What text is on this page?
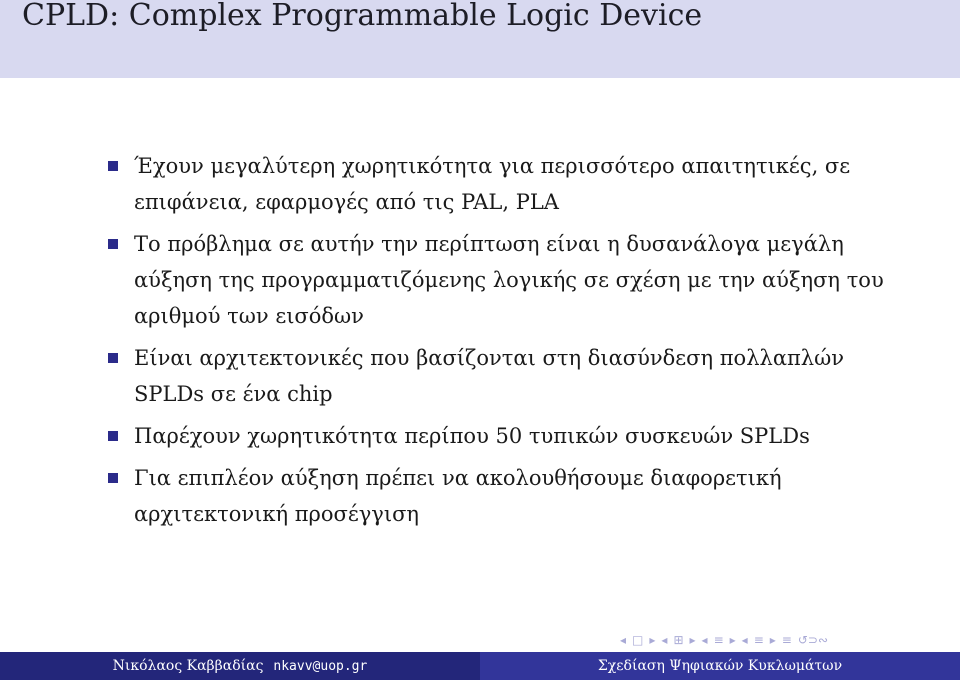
CPLD: Complex Programmable Logic Device
Έχουν μεγαλύτερη χωρητικότητα για περισσότερο απαιτητικές, σε επιφάνεια, εφαρμογές από τις PAL, PLA
Το πρόβλημα σε αυτήν την περίπτωση είναι η δυσανάλογα μεγάλη αύξηση της προγραμματιζόμενης λογικής σε σχέση με την αύξηση του αριθμού των εισόδων
Είναι αρχιτεκτονικές που βασίζονται στη διασύνδεση πολλαπλών SPLDs σε ένα chip
Παρέχουν χωρητικότητα περίπου 50 τυπικών συσκευών SPLDs
Για επιπλέον αύξηση πρέπει να ακολουθήσουμε διαφορετική αρχιτεκτονική προσέγγιση
◂ □ ▸ ◂ ⊞ ▸ ◂ ≡ ▸ ◂ ≡ ▸ ≡ ↺⊃∾
Νικόλαος Καββαδίας nkavv@uop.gr	Σχεδίαση Ψηφιακών Κυκλωμάτων
